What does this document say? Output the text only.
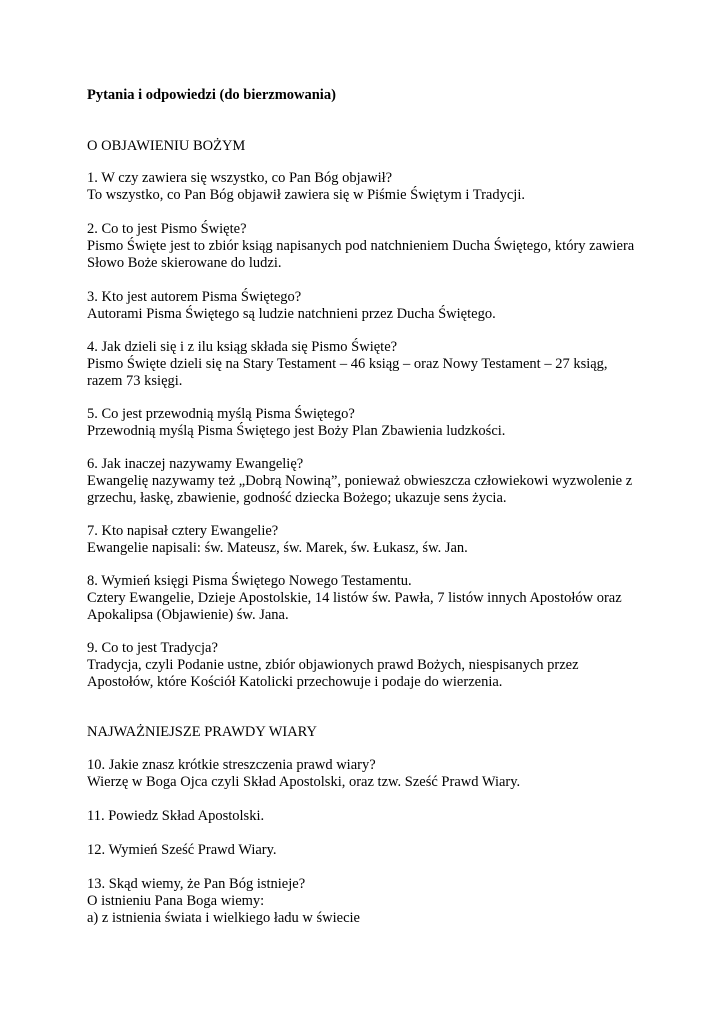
Pytania i odpowiedzi (do bierzmowania)
O OBJAWIENIU BOŻYM
1. W czy zawiera się wszystko, co Pan Bóg objawił?
To wszystko, co Pan Bóg objawił zawiera się w Piśmie Świętym i Tradycji.
2. Co to jest Pismo Święte?
Pismo Święte jest to zbiór ksiąg napisanych pod natchnieniem Ducha Świętego, który zawiera
Słowo Boże skierowane do ludzi.
3. Kto jest autorem Pisma Świętego?
Autorami Pisma Świętego są ludzie natchnieni przez Ducha Świętego.
4. Jak dzieli się i z ilu ksiąg składa się Pismo Święte?
Pismo Święte dzieli się na Stary Testament – 46 ksiąg – oraz Nowy Testament – 27 ksiąg,
razem 73 księgi.
5. Co jest przewodnią myślą Pisma Świętego?
Przewodnią myślą Pisma Świętego jest Boży Plan Zbawienia ludzkości.
6. Jak inaczej nazywamy Ewangelię?
Ewangelię nazywamy też „Dobrą Nowiną”, ponieważ obwieszcza człowiekowi wyzwolenie z
grzechu, łaskę, zbawienie, godność dziecka Bożego; ukazuje sens życia.
7. Kto napisał cztery Ewangelie?
Ewangelie napisali: św. Mateusz, św. Marek, św. Łukasz, św. Jan.
8. Wymień księgi Pisma Świętego Nowego Testamentu.
Cztery Ewangelie, Dzieje Apostolskie, 14 listów św. Pawła, 7 listów innych Apostołów oraz
Apokalipsa (Objawienie) św. Jana.
9. Co to jest Tradycja?
Tradycja, czyli Podanie ustne, zbiór objawionych prawd Bożych, niespisanych przez
Apostołów, które Kościół Katolicki przechowuje i podaje do wierzenia.
NAJWAŻNIEJSZE PRAWDY WIARY
10. Jakie znasz krótkie streszczenia prawd wiary?
Wierzę w Boga Ojca czyli Skład Apostolski, oraz tzw. Sześć Prawd Wiary.
11. Powiedz Skład Apostolski.
12. Wymień Sześć Prawd Wiary.
13. Skąd wiemy, że Pan Bóg istnieje?
O istnieniu Pana Boga wiemy:
a) z istnienia świata i wielkiego ładu w świecie
